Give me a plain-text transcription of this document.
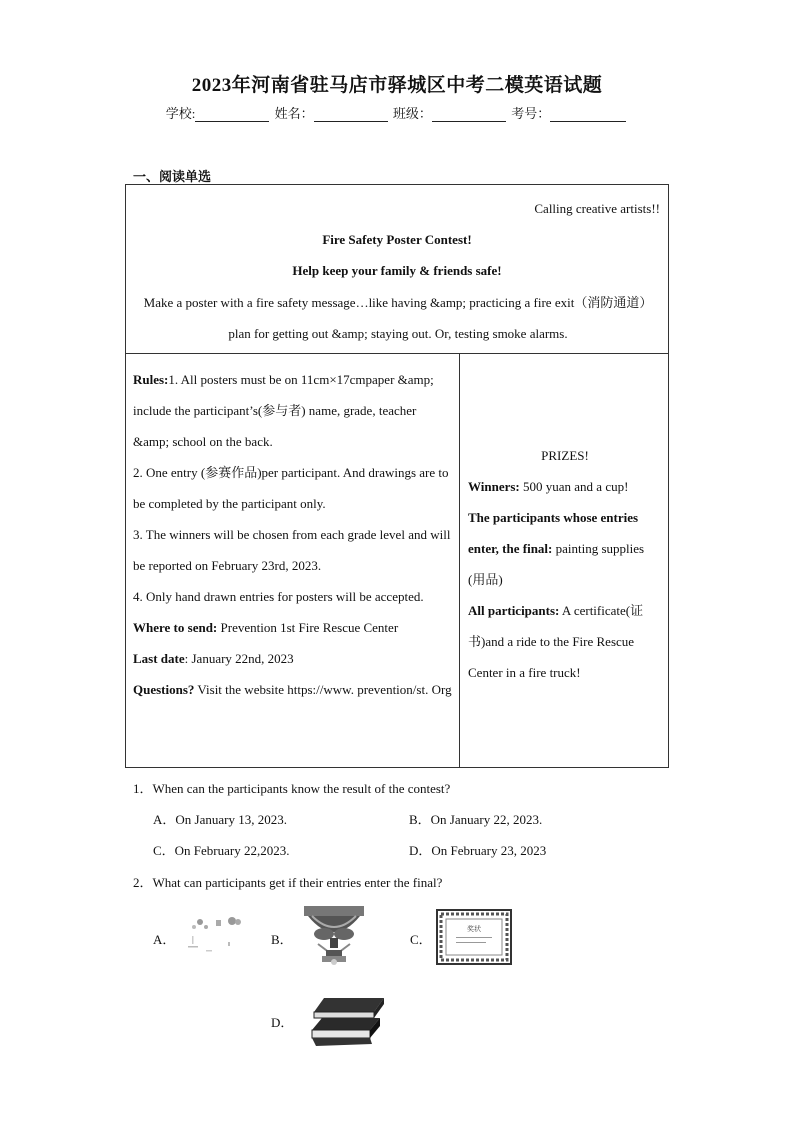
2023年河南省驻马店市驿城区中考二模英语试题
学校:	姓名：	班级：	考号：
一、阅读单选
Calling creative artists!!
Fire Safety Poster Contest!
Help keep your family & friends safe!
Make a poster with a fire safety message…like having &amp; practicing a fire exit（消防通道）plan for getting out &amp; staying out. Or, testing smoke alarms.

Rules:1. All posters must be on 11cm×17cmpaper &amp; include the participant’s(参与者) name, grade, teacher &amp; school on the back.

2. One entry (参赛作品)per participant. And drawings are to be completed by the participant only.

3. The winners will be chosen from each grade level and will be reported on February 23rd, 2023.

4. Only hand drawn entries for posters will be accepted.

Where to send: Prevention 1st Fire Rescue Center

Last date: January 22nd, 2023

Questions? Visit the website https://www. prevention/st. Org

PRIZES!

Winners: 500 yuan and a cup!

The participants whose entries enter, the final: painting supplies (用品)

All participants: A certificate(证书)and a ride to the Fire Rescue Center in a fire truck!

1．When can the participants know the result of the contest?
A．On January 13, 2023.	B．On January 22, 2023.
C．On February 22,2023.	D．On February 23, 2023
2．What can participants get if their entries enter the final?
A．	B．	C．
奖状
D．
